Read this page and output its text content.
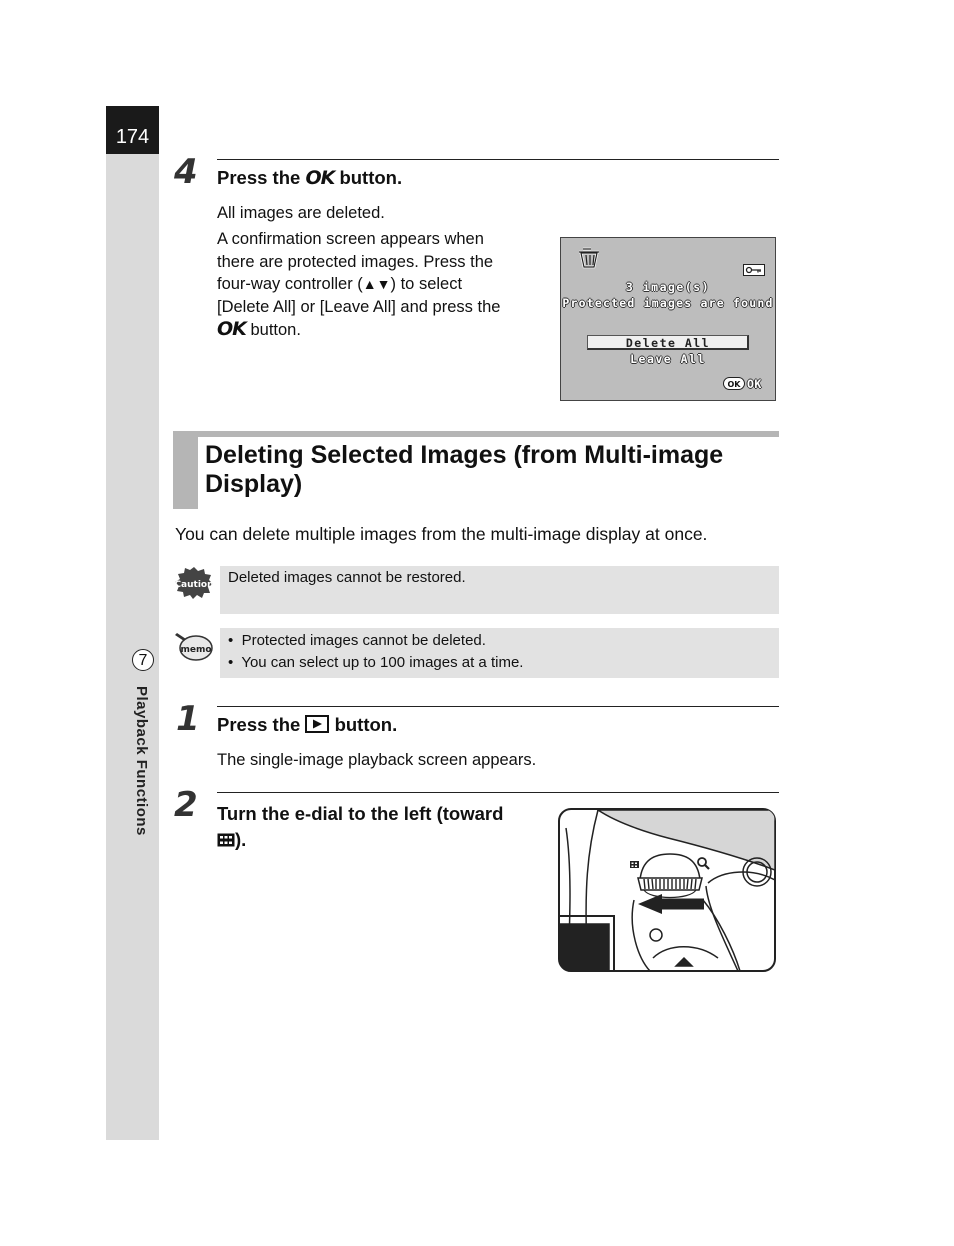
174
7
Playback Functions
4 Press the OK button.
All images are deleted.
A confirmation screen appears when
there are protected images. Press the
four-way controller (▲▼) to select
[Delete All] or [Leave All] and press the
OK button.
3 image(s)
Protected images are found
Delete All
Leave All
OK OK
Deleting Selected Images (from Multi-image Display)
You can delete multiple images from the multi-image display at once.
Caution Deleted images cannot be restored.
memo
•  Protected images cannot be deleted.
•  You can select up to 100 images at a time.
1 Press the button.
The single-image playback screen appears.
2 Turn the e-dial to the left (toward
).
